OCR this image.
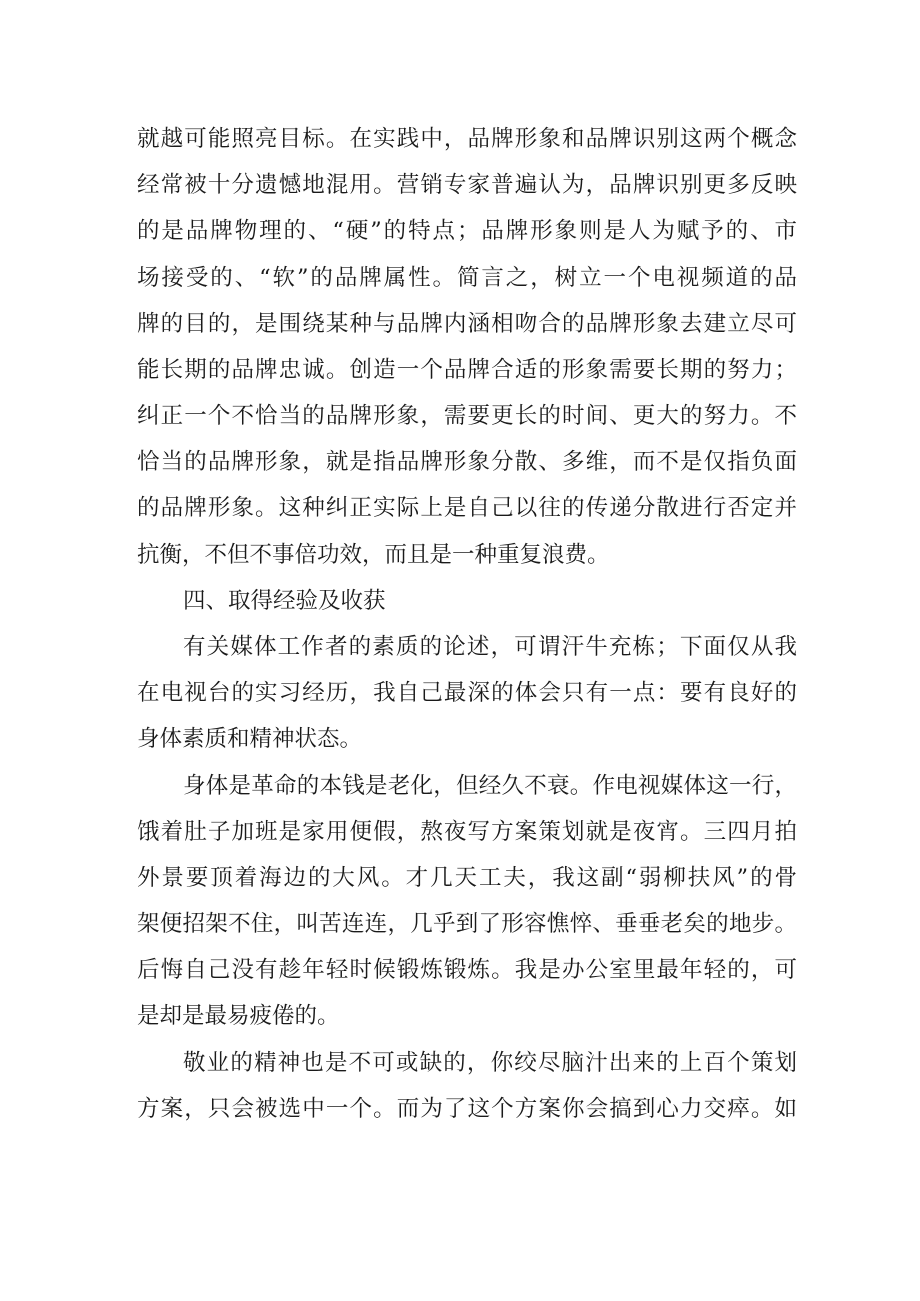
就越可能照亮目标。在实践中，品牌形象和品牌识别这两个概念
经常被十分遗憾地混用。营销专家普遍认为，品牌识别更多反映
的是品牌物理的、“硬”的特点；品牌形象则是人为赋予的、市
场接受的、“软”的品牌属性。简言之，树立一个电视频道的品
牌的目的，是围绕某种与品牌内涵相吻合的品牌形象去建立尽可
能长期的品牌忠诚。创造一个品牌合适的形象需要长期的努力；
纠正一个不恰当的品牌形象，需要更长的时间、更大的努力。不
恰当的品牌形象，就是指品牌形象分散、多维，而不是仅指负面
的品牌形象。这种纠正实际上是自己以往的传递分散进行否定并
抗衡，不但不事倍功效，而且是一种重复浪费。
四、取得经验及收获
有关媒体工作者的素质的论述，可谓汗牛充栋；下面仅从我
在电视台的实习经历，我自己最深的体会只有一点：要有良好的
身体素质和精神状态。
身体是革命的本钱是老化，但经久不衰。作电视媒体这一行，
饿着肚子加班是家用便假，熬夜写方案策划就是夜宵。三四月拍
外景要顶着海边的大风。才几天工夫，我这副“弱柳扶风”的骨
架便招架不住，叫苦连连，几乎到了形容憔悴、垂垂老矣的地步。
后悔自己没有趁年轻时候锻炼锻炼。我是办公室里最年轻的，可
是却是最易疲倦的。
敬业的精神也是不可或缺的，你绞尽脑汁出来的上百个策划
方案，只会被选中一个。而为了这个方案你会搞到心力交瘁。如
